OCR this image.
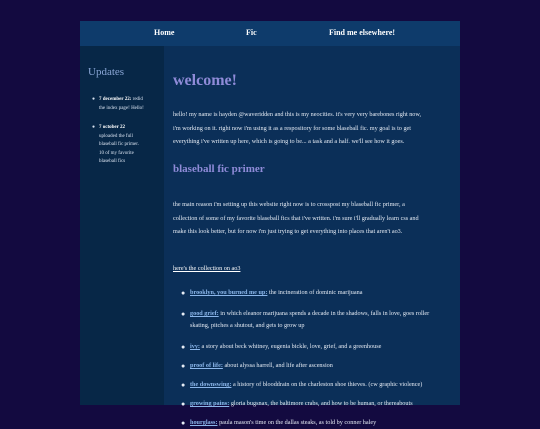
Home	Fic	Find me elsewhere!
Updates
● 7 december 22: redid
the index page! Hello!
● 7 october 22
uploaded the full
blaseball fic primer.
10 of my favorite
blaseball fics
welcome!

hello! my name is hayden @waveridden and this is my neocities. it's very very barebones right now,
i'm working on it. right now i'm using it as a respository for some blaseball fic. my goal is to get
everything i've written up here, which is going to be... a task and a half. we'll see how it goes.

blaseball fic primer

the main reason i'm setting up this website right now is to crosspost my blaseball fic primer, a
collection of some of my favorite blaseball fics that i've written. i'm sure i'll gradually learn css and
make this look better, but for now i'm just trying to get everything into places that aren't ao3.

here's the collection on ao3
● brooklyn, you burned me up: the incineration of dominic marijuana
● good grief: in which eleanor marijuana spends a decade in the shadows, falls in love, goes roller
skating, pitches a shutout, and gets to grow up
● ivy: a story about beck whitney, eugenia bickle, love, grief, and a greenhouse
● proof of life: about alyssa harrell, and life after ascension
● the downswing: a history of blooddrain on the charleston shoe thieves. (cw graphic violence)
● growing pains: gloria bugsnax, the baltimore crabs, and how to be human, or thereabouts
● hourglass: paula mason's time on the dallas steaks, as told by conner haley
